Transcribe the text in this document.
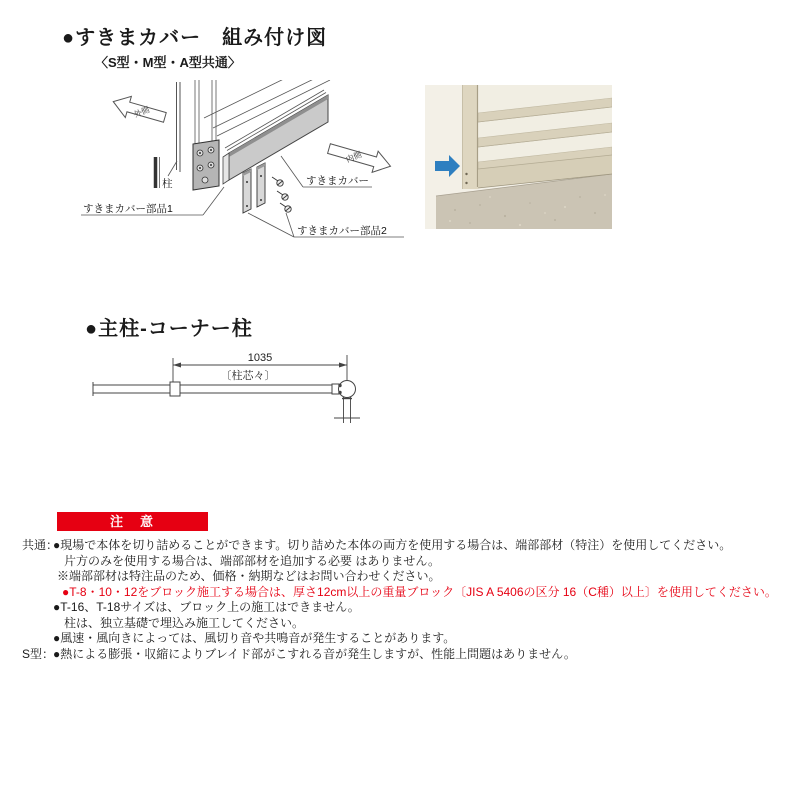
●すきまカバー　組み付け図
〈S型・M型・A型共通〉
外側
内側
柱	すきまカバー
すきまカバー部品1
すきまカバー部品2
●主柱-コーナー柱
1035
〔柱芯々〕
注　意
共通：
●現場で本体を切り詰めることができます。切り詰めた本体の両方を使用する場合は、端部部材（特注）を使用してください。
片方のみを使用する場合は、端部部材を追加する必要 はありません。
※端部部材は特注品のため、価格・納期などはお問い合わせください。
●T-8・10・12をブロック施工する場合は、厚さ12cm以上の重量ブロック〔JIS A 5406の区分 16（C種）以上〕を使用してください。
●T-16、T-18サイズは、ブロック上の施工はできません。
柱は、独立基礎で埋込み施工してください。
●風速・風向きによっては、風切り音や共鳴音が発生することがあります。
S型：
●熱による膨張・収縮によりブレイド部がこすれる音が発生しますが、性能上問題はありません。
